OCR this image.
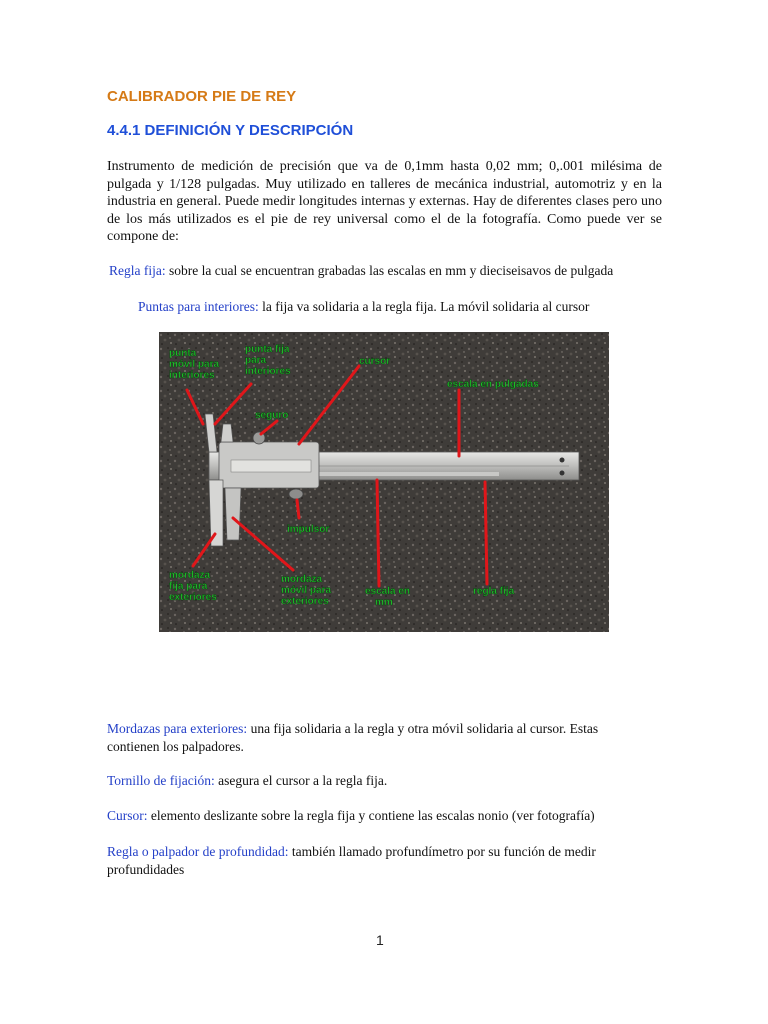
CALIBRADOR PIE DE REY
4.4.1 DEFINICIÓN Y DESCRIPCIÓN

Instrumento de medición de precisión que va de 0,1mm hasta 0,02 mm; 0,.001 milésima de pulgada y 1/128 pulgadas. Muy utilizado en talleres de mecánica industrial, automotriz y en la industria en general. Puede medir longitudes internas y externas. Hay de diferentes clases pero uno de los más utilizados es el pie de rey universal como el de la fotografía. Como puede ver se compone de:

Regla fija: sobre la cual se encuentran grabadas las escalas en mm y dieciseisavos de pulgada

Puntas para interiores: la fija va solidaria a la regla fija. La móvil solidaria al cursor

punta móvil para interiores
punta fija para interiores
cursor
escala en pulgadas
seguro
impulsor
mordaza fija para exteriores
mordaza móvil para exteriores
escala en mm
regla fija

Mordazas para exteriores: una fija solidaria a la regla y otra móvil solidaria al cursor. Estas contienen los palpadores.

Tornillo de fijación: asegura el cursor a la regla fija.

Cursor: elemento deslizante sobre la regla fija y contiene las escalas nonio (ver fotografía)

Regla o palpador de profundidad: también llamado profundímetro por su función de medir profundidades

1
